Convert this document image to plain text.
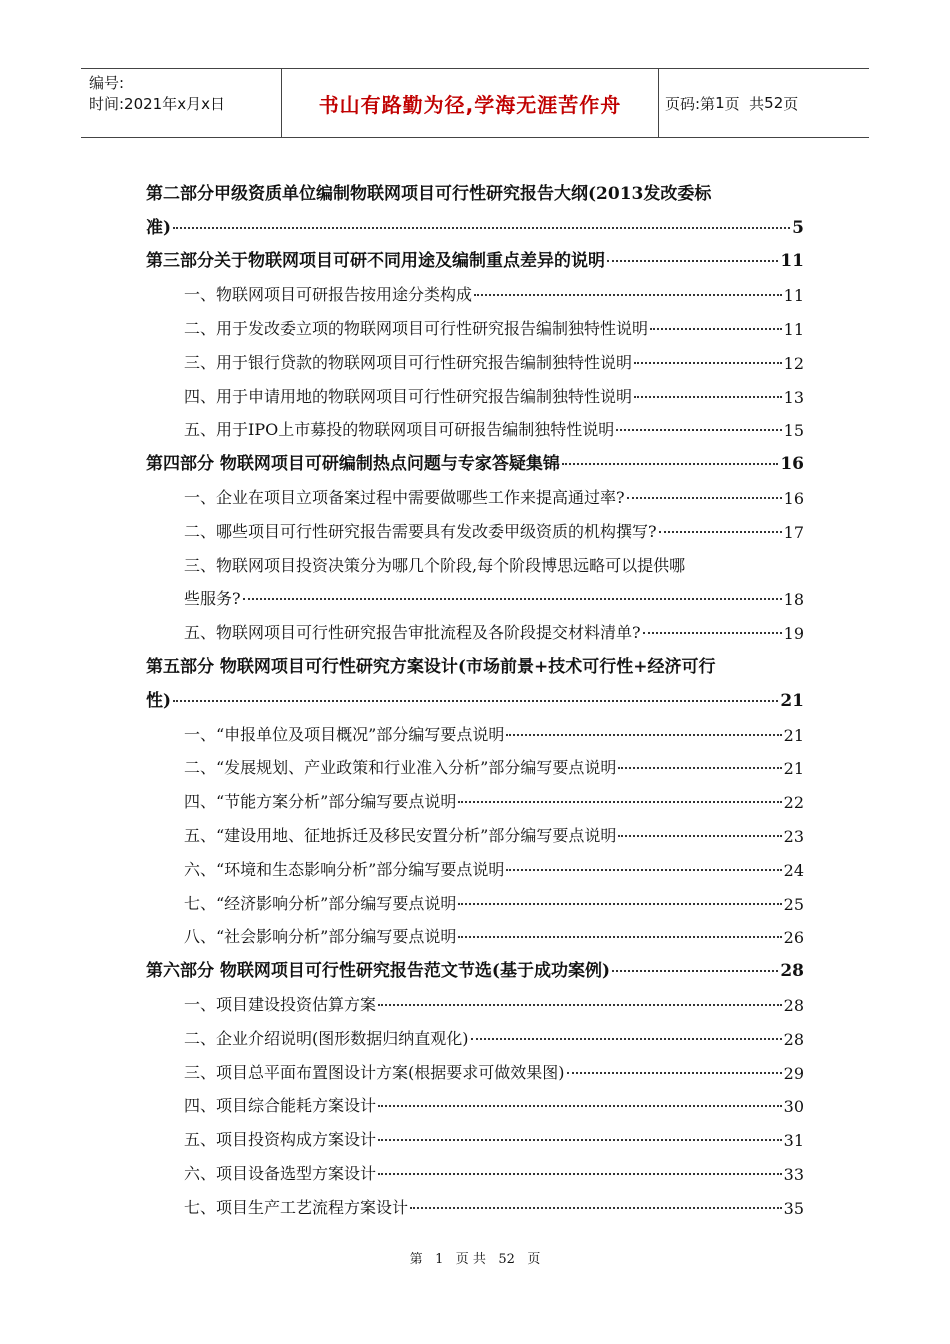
编号:
时间:2021年x月x日	书山有路勤为径,学海无涯苦作舟	页码:第 1 页  共 52 页
第二部分甲级资质单位编制物联网项目可行性研究报告大纲(2013发改委标
准)	5
第三部分关于物联网项目可研不同用途及编制重点差异的说明	11
一、物联网项目可研报告按用途分类构成	11
二、用于发改委立项的物联网项目可行性研究报告编制独特性说明	11
三、用于银行贷款的物联网项目可行性研究报告编制独特性说明	12
四、用于申请用地的物联网项目可行性研究报告编制独特性说明	13
五、用于IPO上市募投的物联网项目可研报告编制独特性说明	15
第四部分 物联网项目可研编制热点问题与专家答疑集锦	16
一、企业在项目立项备案过程中需要做哪些工作来提高通过率?	16
二、哪些项目可行性研究报告需要具有发改委甲级资质的机构撰写?	17
三、物联网项目投资决策分为哪几个阶段,每个阶段博思远略可以提供哪
些服务?	18
五、物联网项目可行性研究报告审批流程及各阶段提交材料清单?	19
第五部分 物联网项目可行性研究方案设计(市场前景+技术可行性+经济可行
性)	21
一、“申报单位及项目概况”部分编写要点说明	21
二、“发展规划、产业政策和行业准入分析”部分编写要点说明	21
四、“节能方案分析”部分编写要点说明	22
五、“建设用地、征地拆迁及移民安置分析”部分编写要点说明	23
六、“环境和生态影响分析”部分编写要点说明	24
七、“经济影响分析”部分编写要点说明	25
八、“社会影响分析”部分编写要点说明	26
第六部分 物联网项目可行性研究报告范文节选(基于成功案例)	28
一、项目建设投资估算方案	28
二、企业介绍说明(图形数据归纳直观化)	28
三、项目总平面布置图设计方案(根据要求可做效果图)	29
四、项目综合能耗方案设计	30
五、项目投资构成方案设计	31
六、项目设备选型方案设计	33
七、项目生产工艺流程方案设计	35
第 1 页 共 52 页
